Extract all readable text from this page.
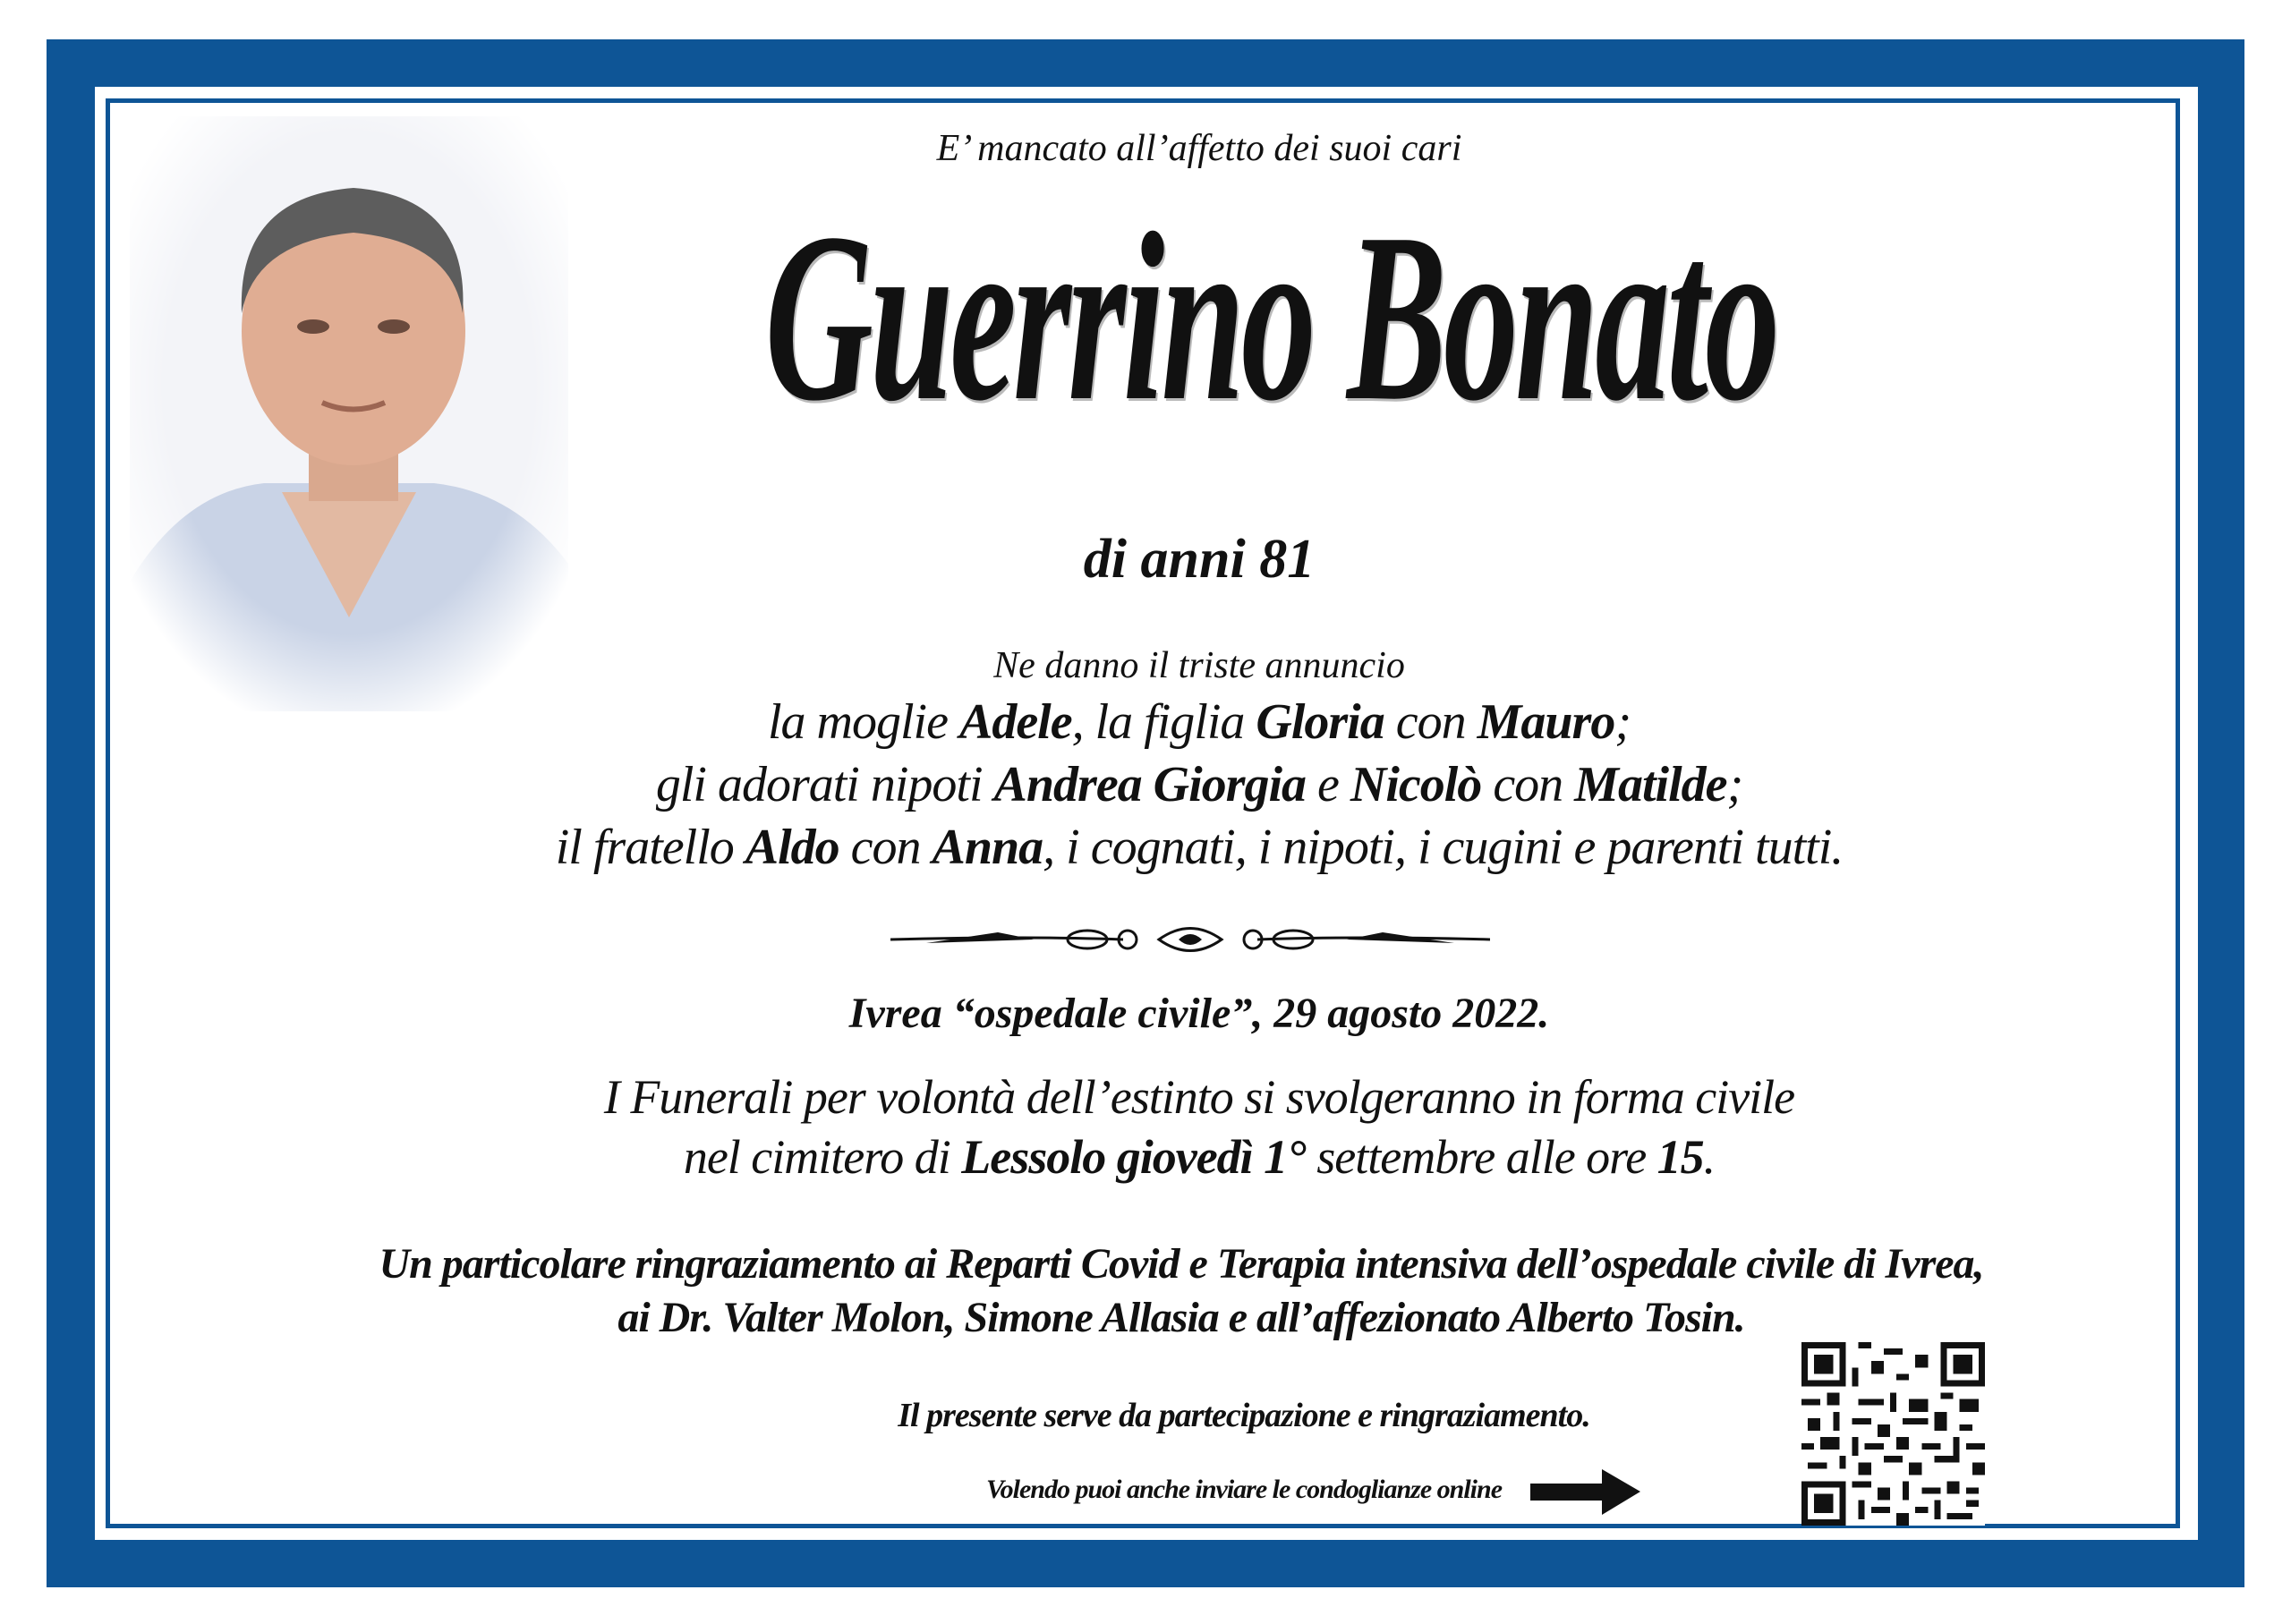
E’ mancato all’affetto dei suoi cari
Guerrino Bonato
di anni 81
Ne danno il triste annuncio
la moglie Adele, la figlia Gloria con Mauro;
gli adorati nipoti Andrea Giorgia e Nicolò con Matilde;
il fratello Aldo con Anna, i cognati, i nipoti, i cugini e parenti tutti.
Ivrea “ospedale civile”, 29 agosto 2022.
I Funerali per volontà dell’estinto si svolgeranno in forma civile
nel cimitero di Lessolo giovedì 1° settembre alle ore 15.
Un particolare ringraziamento ai Reparti Covid e Terapia intensiva dell’ospedale civile di Ivrea,
ai Dr. Valter Molon, Simone Allasia e all’affezionato Alberto Tosin.
Il presente serve da partecipazione e ringraziamento.
Volendo puoi anche inviare le condoglianze online
